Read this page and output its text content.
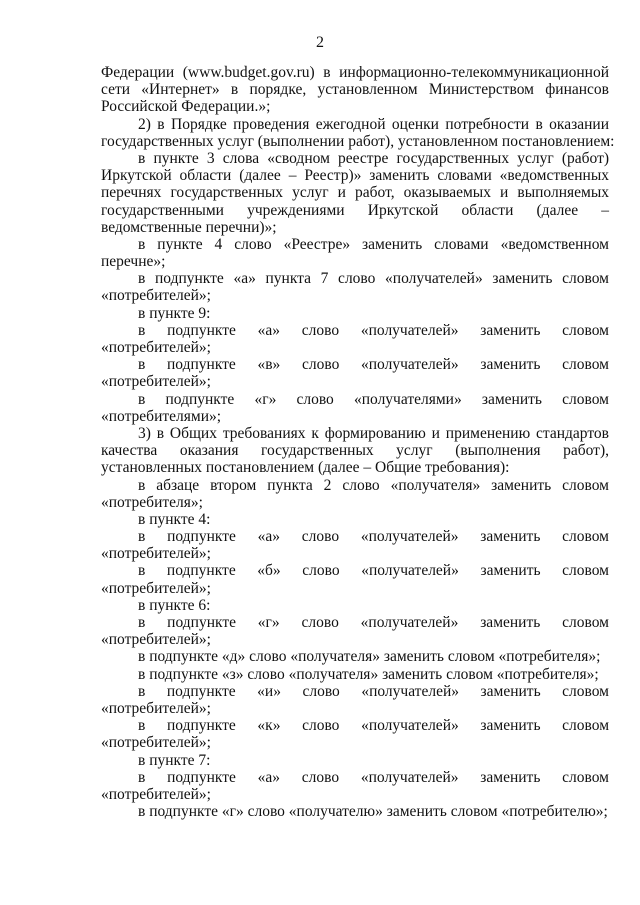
2
Федерации (www.budget.gov.ru) в информационно-телекоммуникационной
сети «Интернет» в порядке, установленном Министерством финансов
Российской Федерации.»;
2) в Порядке проведения ежегодной оценки потребности в оказании
государственных услуг (выполнении работ), установленном постановлением:
в пункте 3 слова «сводном реестре государственных услуг (работ)
Иркутской области (далее – Реестр)» заменить словами «ведомственных
перечнях государственных услуг и работ, оказываемых и выполняемых
государственными учреждениями Иркутской области (далее –
ведомственные перечни)»;
в пункте 4 слово «Реестре» заменить словами «ведомственном
перечне»;
в подпункте «а» пункта 7 слово «получателей» заменить словом
«потребителей»;
в пункте 9:
в подпункте «а» слово «получателей» заменить словом
«потребителей»;
в подпункте «в» слово «получателей» заменить словом
«потребителей»;
в подпункте «г» слово «получателями» заменить словом
«потребителями»;
3) в Общих требованиях к формированию и применению стандартов
качества оказания государственных услуг (выполнения работ),
установленных постановлением (далее – Общие требования):
в абзаце втором пункта 2 слово «получателя» заменить словом
«потребителя»;
в пункте 4:
в подпункте «а» слово «получателей» заменить словом
«потребителей»;
в подпункте «б» слово «получателей» заменить словом
«потребителей»;
в пункте 6:
в подпункте «г» слово «получателей» заменить словом
«потребителей»;
в подпункте «д» слово «получателя» заменить словом «потребителя»;
в подпункте «з» слово «получателя» заменить словом «потребителя»;
в подпункте «и» слово «получателей» заменить словом
«потребителей»;
в подпункте «к» слово «получателей» заменить словом
«потребителей»;
в пункте 7:
в подпункте «а» слово «получателей» заменить словом
«потребителей»;
в подпункте «г» слово «получателю» заменить словом «потребителю»;
